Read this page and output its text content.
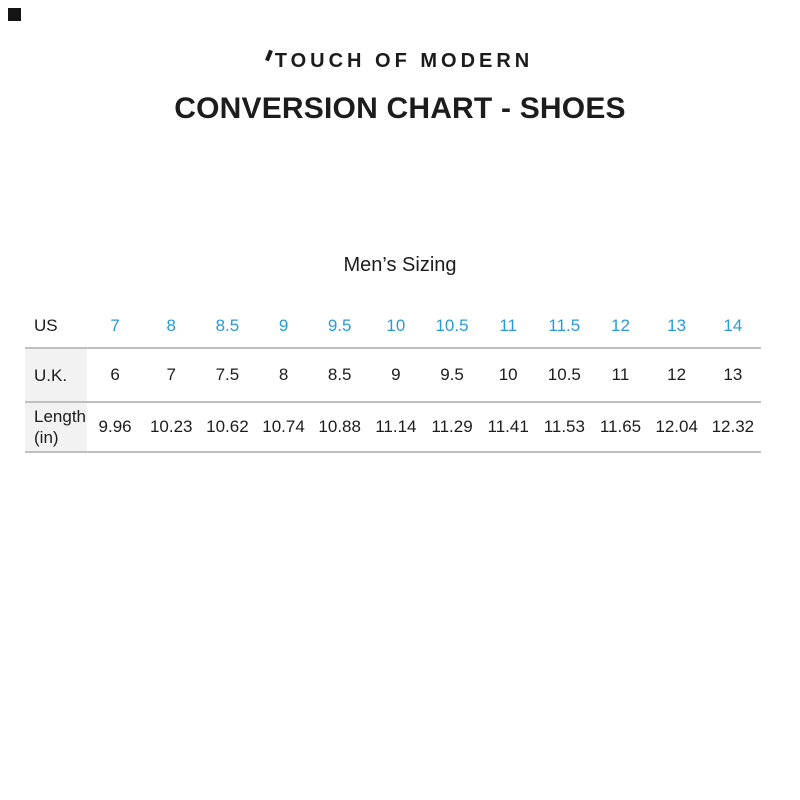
TOUCH OF MODERN
CONVERSION CHART - SHOES
Men’s Sizing
US	7	8	8.5	9	9.5	10	10.5	11	11.5	12	13	14
U.K.	6	7	7.5	8	8.5	9	9.5	10	10.5	11	12	13
Length (in)	9.96	10.23	10.62	10.74	10.88	11.14	11.29	11.41	11.53	11.65	12.04	12.32
